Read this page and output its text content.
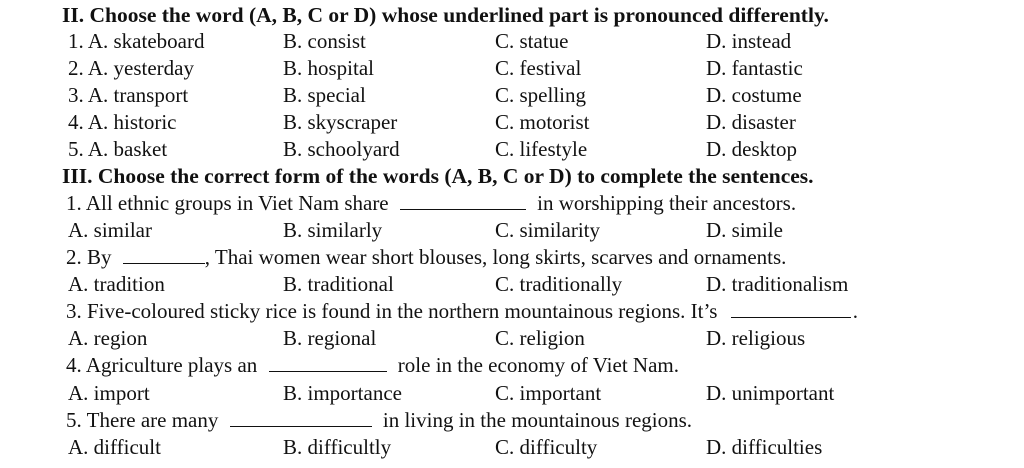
II. Choose the word (A, B, C or D) whose underlined part is pronounced differently.
1. A. skateboard	B. consist	C. statue	D. instead
2. A. yesterday	B. hospital	C. festival	D. fantastic
3. A. transport	B. special	C. spelling	D. costume
4. A. historic	B. skyscraper	C. motorist	D. disaster
5. A. basket	B. schoolyard	C. lifestyle	D. desktop
III. Choose the correct form of the words (A, B, C or D) to complete the sentences.
1. All ethnic groups in Viet Nam share	in worshipping their ancestors.
A. similar	B. similarly	C. similarity	D. simile
2. By	, Thai women wear short blouses, long skirts, scarves and ornaments.
A. tradition	B. traditional	C. traditionally	D. traditionalism
3. Five-coloured sticky rice is found in the northern mountainous regions. It’s	.
A. region	B. regional	C. religion	D. religious
4. Agriculture plays an	role in the economy of Viet Nam.
A. import	B. importance	C. important	D. unimportant
5. There are many	in living in the mountainous regions.
A. difficult	B. difficultly	C. difficulty	D. difficulties
